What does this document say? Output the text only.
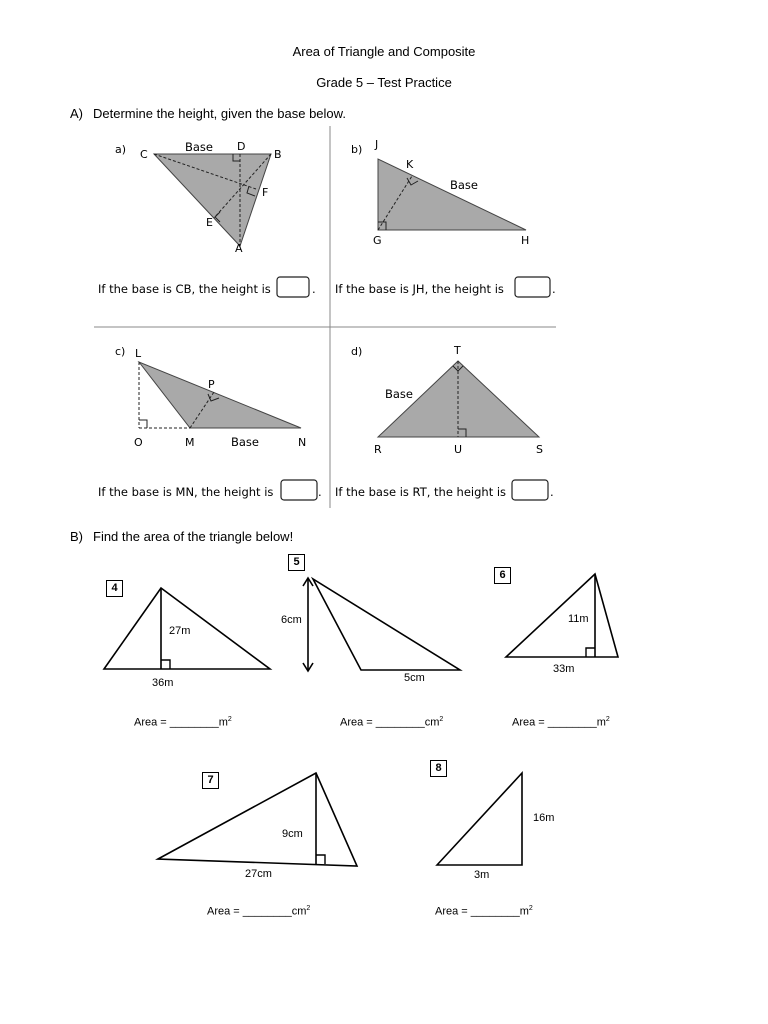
Area of Triangle and Composite
Grade 5 – Test Practice
A) Determine the height, given the base below.
a) C
D
B
F
E
A
Base	b) J
K
G	H
Base
c) L
P
O	M	N
Base
d)	T
R	U	S
Base
If the base is CB, the height is	. If the base is JH, the height is	.
If the base is MN, the height is	. If the base is RT, the height is	.
B) Find the area of the triangle below!
4
5
6
7
8
27m
36m
6cm
5cm
11m
33m
9cm
27cm
16m
3m
Area = $\_\_\_\_\_\_\_\_m^2$	Area = $\_\_\_\_\_\_\_\_cm^2$	Area = $\_\_\_\_\_\_\_\_m^2$
Area = $\_\_\_\_\_\_\_\_cm^2$	Area = $\_\_\_\_\_\_\_\_m^2$
